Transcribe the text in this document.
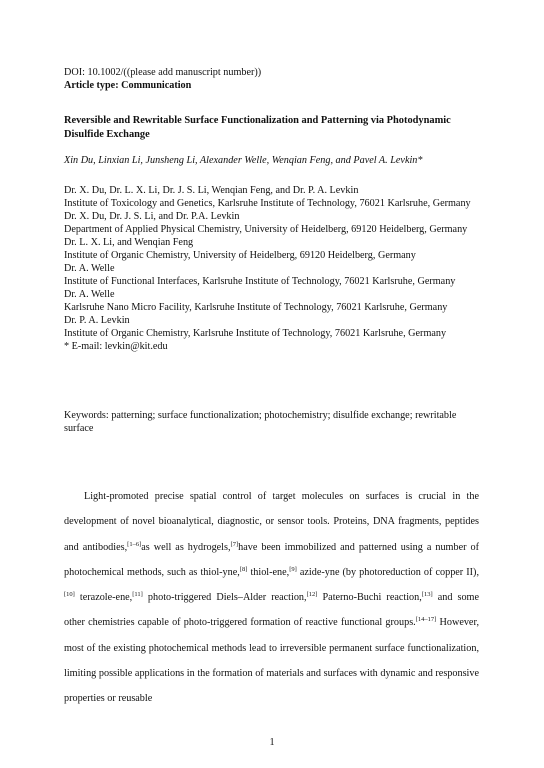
DOI: 10.1002/((please add manuscript number))
Article type: Communication
Reversible and Rewritable Surface Functionalization and Patterning via Photodynamic Disulfide Exchange
Xin Du, Linxian Li, Junsheng Li, Alexander Welle, Wenqian Feng, and Pavel A. Levkin*

Dr. X. Du, Dr. L. X. Li, Dr. J. S. Li, Wenqian Feng, and Dr. P. A. Levkin

Institute of Toxicology and Genetics, Karlsruhe Institute of Technology, 76021 Karlsruhe, Germany

Dr. X. Du, Dr. J. S. Li, and Dr. P.A. Levkin

Department of Applied Physical Chemistry, University of Heidelberg, 69120 Heidelberg, Germany

Dr. L. X. Li, and Wenqian Feng

Institute of Organic Chemistry, University of Heidelberg, 69120 Heidelberg, Germany

Dr. A. Welle

Institute of Functional Interfaces, Karlsruhe Institute of Technology, 76021 Karlsruhe, Germany

Dr. A. Welle

Karlsruhe Nano Micro Facility, Karlsruhe Institute of Technology, 76021 Karlsruhe, Germany

Dr. P. A. Levkin

Institute of Organic Chemistry, Karlsruhe Institute of Technology, 76021 Karlsruhe, Germany

* E-mail: levkin@kit.edu

Keywords: patterning; surface functionalization; photochemistry; disulfide exchange; rewritable surface

Light-promoted precise spatial control of target molecules on surfaces is crucial in the development of novel bioanalytical, diagnostic, or sensor tools. Proteins, DNA fragments, peptides and antibodies,[1–6]as well as hydrogels,[7]have been immobilized and patterned using a number of photochemical methods, such as thiol-yne,[8] thiol-ene,[9] azide-yne (by photoreduction of copper II),[10] terazole-ene,[11] photo-triggered Diels–Alder reaction,[12] Paterno-Buchi reaction,[13] and some other chemistries capable of photo-triggered formation of reactive functional groups.[14–17] However, most of the existing photochemical methods lead to irreversible permanent surface functionalization, limiting possible applications in the formation of materials and surfaces with dynamic and responsive properties or reusable

1
